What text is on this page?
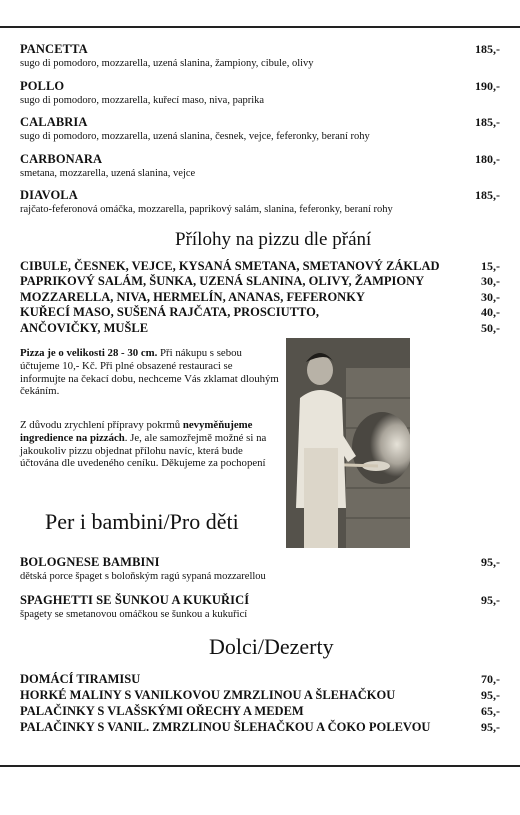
PANCETTA
sugo di pomodoro, mozzarella, uzená slanina, žampiony, cibule, olivy
185,-
POLLO
sugo di pomodoro, mozzarella, kuřecí maso, niva, paprika
190,-
CALABRIA
sugo di pomodoro, mozzarella, uzená slanina, česnek, vejce, feferonky, beraní rohy
185,-
CARBONARA
smetana, mozzarella, uzená slanina, vejce
180,-
DIAVOLA
rajčato-feferonová omáčka, mozzarella, paprikový salám, slanina, feferonky, beraní rohy
185,-
Přílohy na pizzu dle přání
CIBULE, ČESNEK, VEJCE, KYSANÁ SMETANA, SMETANOVÝ ZÁKLAD	15,-
PAPRIKOVÝ SALÁM, ŠUNKA, UZENÁ SLANINA, OLIVY, ŽAMPIONY	30,-
MOZZARELLA, NIVA, HERMELÍN, ANANAS, FEFERONKY	30,-
KUŘECÍ MASO, SUŠENÁ RAJČATA, PROSCIUTTO,	40,-
ANČOVIČKY, MUŠLE	50,-
Pizza je o velikosti 28 - 30 cm. Při nákupu s sebou účtujeme 10,- Kč. Při plné obsazené restauraci se informujte na čekací dobu, nechceme Vás zklamat dlouhým čekáním.
Z důvodu zrychlení přípravy pokrmů nevyměňujeme ingredience na pizzách. Je, ale samozřejmě možné si na jakoukoliv pizzu objednat přílohu navíc, která bude účtována dle uvedeného ceníku. Děkujeme za pochopení
Per i bambini/Pro děti
BOLOGNESE BAMBINI
dětská porce špaget s boloňským ragú sypaná mozzarellou
95,-
SPAGHETTI SE ŠUNKOU A KUKUŘICÍ
špagety se smetanovou omáčkou se šunkou a kukuřicí
95,-
Dolci/Dezerty
DOMÁCÍ TIRAMISU	70,-
HORKÉ MALINY S VANILKOVOU ZMRZLINOU A ŠLEHAČKOU	95,-
PALAČINKY S VLAŠSKÝMI OŘECHY A MEDEM	65,-
PALAČINKY S VANIL. ZMRZLINOU ŠLEHAČKOU A ČOKO POLEVOU	95,-
